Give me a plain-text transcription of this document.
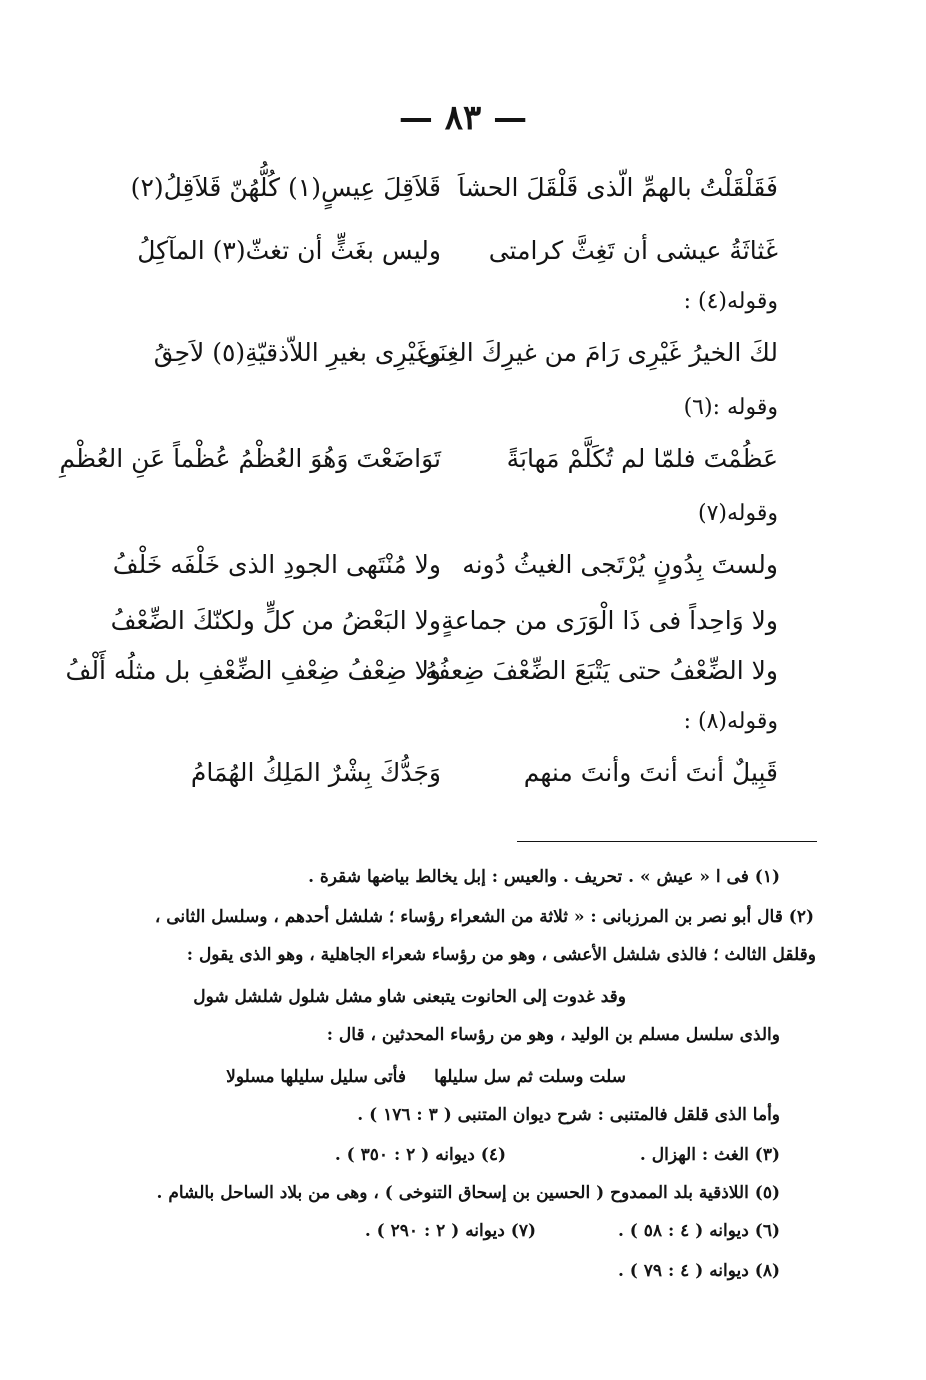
— ٨٣ —
فَقَلْقَلْتُ بالهمِّ الّذى قَلْقَلَ الحشاَ
قَلاَقِلَ عِيسٍ(١) كُلُّهُنّ قَلاَقِلُ(٢)
غَثاثَةُ عيشى أن تَغِثَّ كرامتى
وليس بغَثٍّ أن تغثّ(٣) المآكِلُ
وقوله(٤) :
لكَ الخيرُ غَيْرِى رَامَ من غيرِكَ الغِنَى
وغَيْرِى بغيرِ اللاّذقيّةِ(٥) لاَحِقُ
وقوله :(٦)
عَظُمْتَ فلمّا لم تُكَلَّمْ مَهابَةً
تَوَاضَعْتَ وَهُوَ العُظْمُ عُظْماً عَنِ العُظْمِ
وقوله(٧)
ولستَ بِدُونٍ يُرْتَجى الغيثُ دُونه
ولا مُنْتَهى الجودِ الذى خَلْفَه خَلْفُ
ولا وَاحِداً فى ذَا الْوَرَى من جماعةٍ
ولا البَعْضُ من كلٍّ ولكنّكَ الضِّعْفُ
ولا الضِّعْفُ حتى يَتْبَعَ الضِّعْفَ ضِعفُهُ
ولا ضِعْفُ ضِعْفِ الضِّعْفِ بل مثلُه أَلْفُ
وقوله(٨) :
قَبِيلٌ أنتَ أنتَ وأنتَ منهم
وَجَدُّكَ بِشْرٌ المَلِكُ الهُمَامُ
(١) فى ا « عيش » . تحريف . والعيس : إبل يخالط بياضها شقرة .
(٢) قال أبو نصر بن المرزبانى : « ثلاثة من الشعراء رؤساء ؛ شلشل أحدهم ، وسلسل الثانى ،
وقلقل الثالث ؛ فالذى شلشل الأعشى ، وهو من رؤساء شعراء الجاهلية ، وهو الذى يقول :
وقد غدوت إلى الحانوت يتبعنى
شاو مشل شلول شلشل شول
والذى سلسل مسلم بن الوليد ، وهو من رؤساء المحدثين ، قال :
سلت وسلت ثم سل سليلها
فأتى سليل سليلها مسلولا
وأما الذى قلقل فالمتنبى : شرح ديوان المتنبى ( ٣ : ١٧٦ ) .
(٣) الغث : الهزال .
(٤) ديوانه ( ٢ : ٣٥٠ ) .
(٥) اللاذقية بلد الممدوح ( الحسين بن إسحاق التنوخى ) ، وهى من بلاد الساحل بالشام .
(٦) ديوانه ( ٤ : ٥٨ ) .
(٧) ديوانه ( ٢ : ٢٩٠ ) .
(٨) ديوانه ( ٤ : ٧٩ ) .
